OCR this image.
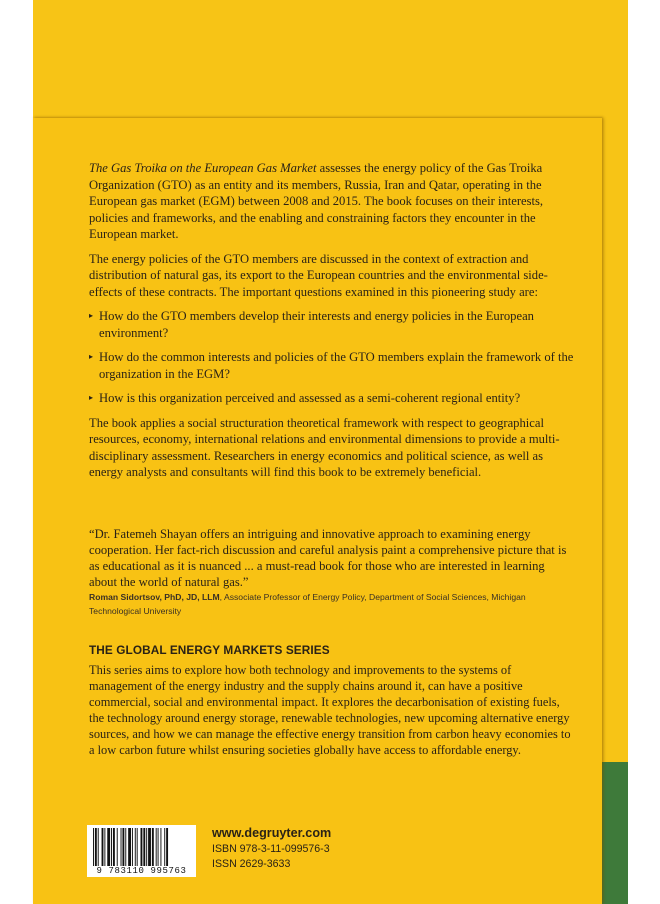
The Gas Troika on the European Gas Market assesses the energy policy of the Gas Troika Organization (GTO) as an entity and its members, Russia, Iran and Qatar, operating in the European gas market (EGM) between 2008 and 2015. The book focuses on their interests, policies and frameworks, and the enabling and constraining factors they encounter in the European market.

The energy policies of the GTO members are discussed in the context of extraction and distribution of natural gas, its export to the European countries and the environmental side-effects of these contracts. The important questions examined in this pioneering study are:

▸ How do the GTO members develop their interests and energy policies in the European environment?
▸ How do the common interests and policies of the GTO members explain the framework of the organization in the EGM?
▸ How is this organization perceived and assessed as a semi-coherent regional entity?

The book applies a social structuration theoretical framework with respect to geographical resources, economy, international relations and environmental dimensions to provide a multi-disciplinary assessment. Researchers in energy economics and political science, as well as energy analysts and consultants will find this book to be extremely beneficial.

“Dr. Fatemeh Shayan offers an intriguing and innovative approach to examining energy cooperation. Her fact-rich discussion and careful analysis paint a comprehensive picture that is as educational as it is nuanced ... a must-read book for those who are interested in learning about the world of natural gas.”
Roman Sidortsov, PhD, JD, LLM, Associate Professor of Energy Policy, Department of Social Sciences, Michigan Technological University
THE GLOBAL ENERGY MARKETS SERIES

This series aims to explore how both technology and improvements to the systems of management of the energy industry and the supply chains around it, can have a positive commercial, social and environmental impact. It explores the decarbonisation of existing fuels, the technology around energy storage, renewable technologies, new upcoming alternative energy sources, and how we can manage the effective energy transition from carbon heavy economies to a low carbon future whilst ensuring societies globally have access to affordable energy.

9 783110 995763
www.degruyter.com
ISBN 978-3-11-099576-3
ISSN 2629-3633
